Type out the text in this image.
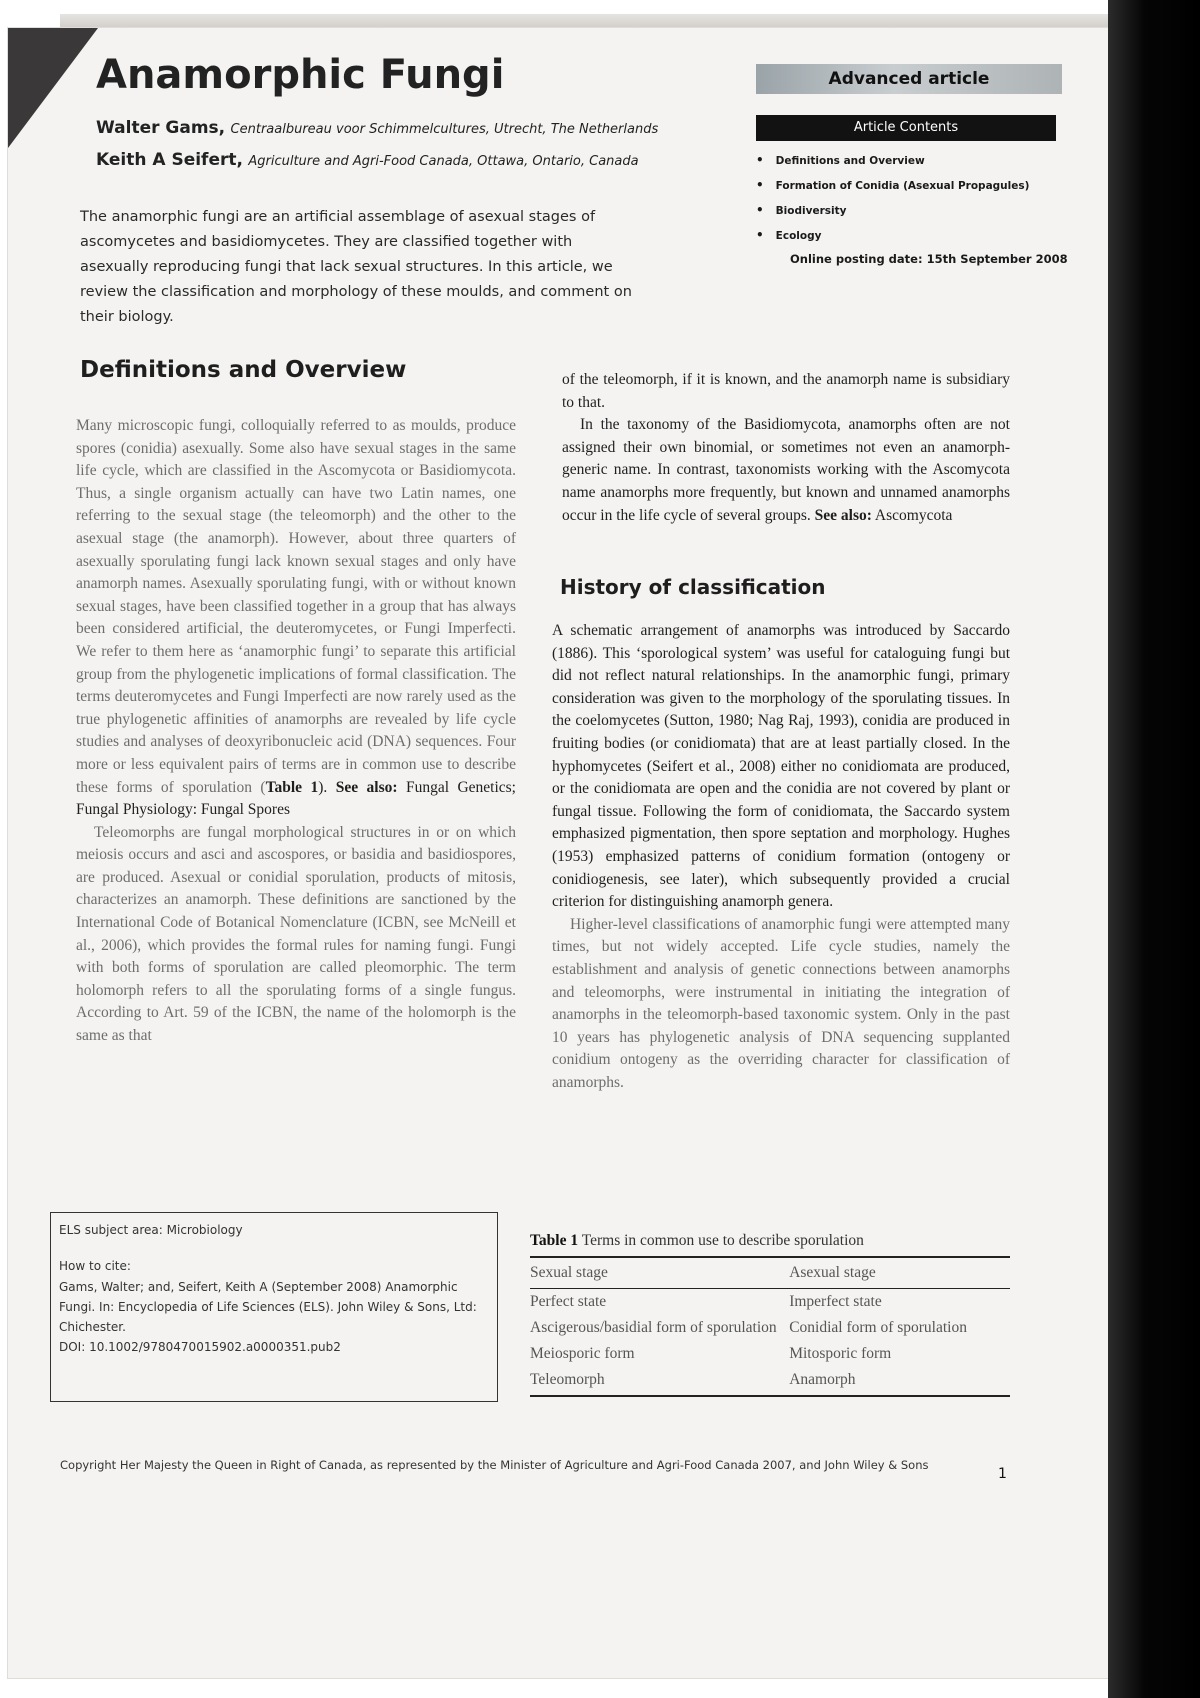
Anamorphic Fungi
Walter Gams, Centraalbureau voor Schimmelcultures, Utrecht, The Netherlands
Keith A Seifert, Agriculture and Agri-Food Canada, Ottawa, Ontario, Canada

The anamorphic fungi are an artificial assemblage of asexual stages of ascomycetes and basidiomycetes. They are classified together with asexually reproducing fungi that lack sexual structures. In this article, we review the classification and morphology of these moulds, and comment on their biology.

Advanced article
Article Contents
• Definitions and Overview
• Formation of Conidia (Asexual Propagules)
• Biodiversity
• Ecology
Online posting date: 15th September 2008
Definitions and Overview

Many microscopic fungi, colloquially referred to as moulds, produce spores (conidia) asexually. Some also have sexual stages in the same life cycle, which are classified in the Ascomycota or Basidiomycota. Thus, a single organism actually can have two Latin names, one referring to the sexual stage (the teleomorph) and the other to the asexual stage (the anamorph). However, about three quarters of asexually sporulating fungi lack known sexual stages and only have anamorph names. Asexually sporulating fungi, with or without known sexual stages, have been classified together in a group that has always been considered artificial, the deuteromycetes, or Fungi Imperfecti. We refer to them here as ‘anamorphic fungi’ to separate this artificial group from the phylogenetic implications of formal classification. The terms deuteromycetes and Fungi Imperfecti are now rarely used as the true phylogenetic affinities of anamorphs are revealed by life cycle studies and analyses of deoxyribonucleic acid (DNA) sequences. Four more or less equivalent pairs of terms are in common use to describe these forms of sporulation (Table 1). See also: Fungal Genetics; Fungal Physiology: Fungal Spores

Teleomorphs are fungal morphological structures in or on which meiosis occurs and asci and ascospores, or basidia and basidiospores, are produced. Asexual or conidial sporulation, products of mitosis, characterizes an anamorph. These definitions are sanctioned by the International Code of Botanical Nomenclature (ICBN, see McNeill et al., 2006), which provides the formal rules for naming fungi. Fungi with both forms of sporulation are called pleomorphic. The term holomorph refers to all the sporulating forms of a single fungus. According to Art. 59 of the ICBN, the name of the holomorph is the same as that

of the teleomorph, if it is known, and the anamorph name is subsidiary to that.

In the taxonomy of the Basidiomycota, anamorphs often are not assigned their own binomial, or sometimes not even an anamorph-generic name. In contrast, taxonomists working with the Ascomycota name anamorphs more frequently, but known and unnamed anamorphs occur in the life cycle of several groups. See also: Ascomycota

History of classification

A schematic arrangement of anamorphs was introduced by Saccardo (1886). This ‘sporological system’ was useful for cataloguing fungi but did not reflect natural relationships. In the anamorphic fungi, primary consideration was given to the morphology of the sporulating tissues. In the coelomycetes (Sutton, 1980; Nag Raj, 1993), conidia are produced in fruiting bodies (or conidiomata) that are at least partially closed. In the hyphomycetes (Seifert et al., 2008) either no conidiomata are produced, or the conidiomata are open and the conidia are not covered by plant or fungal tissue. Following the form of conidiomata, the Saccardo system emphasized pigmentation, then spore septation and morphology. Hughes (1953) emphasized patterns of conidium formation (ontogeny or conidiogenesis, see later), which subsequently provided a crucial criterion for distinguishing anamorph genera.

Higher-level classifications of anamorphic fungi were attempted many times, but not widely accepted. Life cycle studies, namely the establishment and analysis of genetic connections between anamorphs and teleomorphs, were instrumental in initiating the integration of anamorphs in the teleomorph-based taxonomic system. Only in the past 10 years has phylogenetic analysis of DNA sequencing supplanted conidium ontogeny as the overriding character for classification of anamorphs.

ELS subject area: Microbiology

How to cite:

Gams, Walter; and, Seifert, Keith A (September 2008) Anamorphic Fungi. In: Encyclopedia of Life Sciences (ELS). John Wiley & Sons, Ltd: Chichester.

DOI: 10.1002/9780470015902.a0000351.pub2

Table 1 Terms in common use to describe sporulation

Sexual stage	Asexual stage
Perfect state	Imperfect state
Ascigerous/basidial form of sporulation	Conidial form of sporulation
Meiosporic form	Mitosporic form
Teleomorph	Anamorph
Copyright Her Majesty the Queen in Right of Canada, as represented by the Minister of Agriculture and Agri-Food Canada 2007, and John Wiley & Sons
1
